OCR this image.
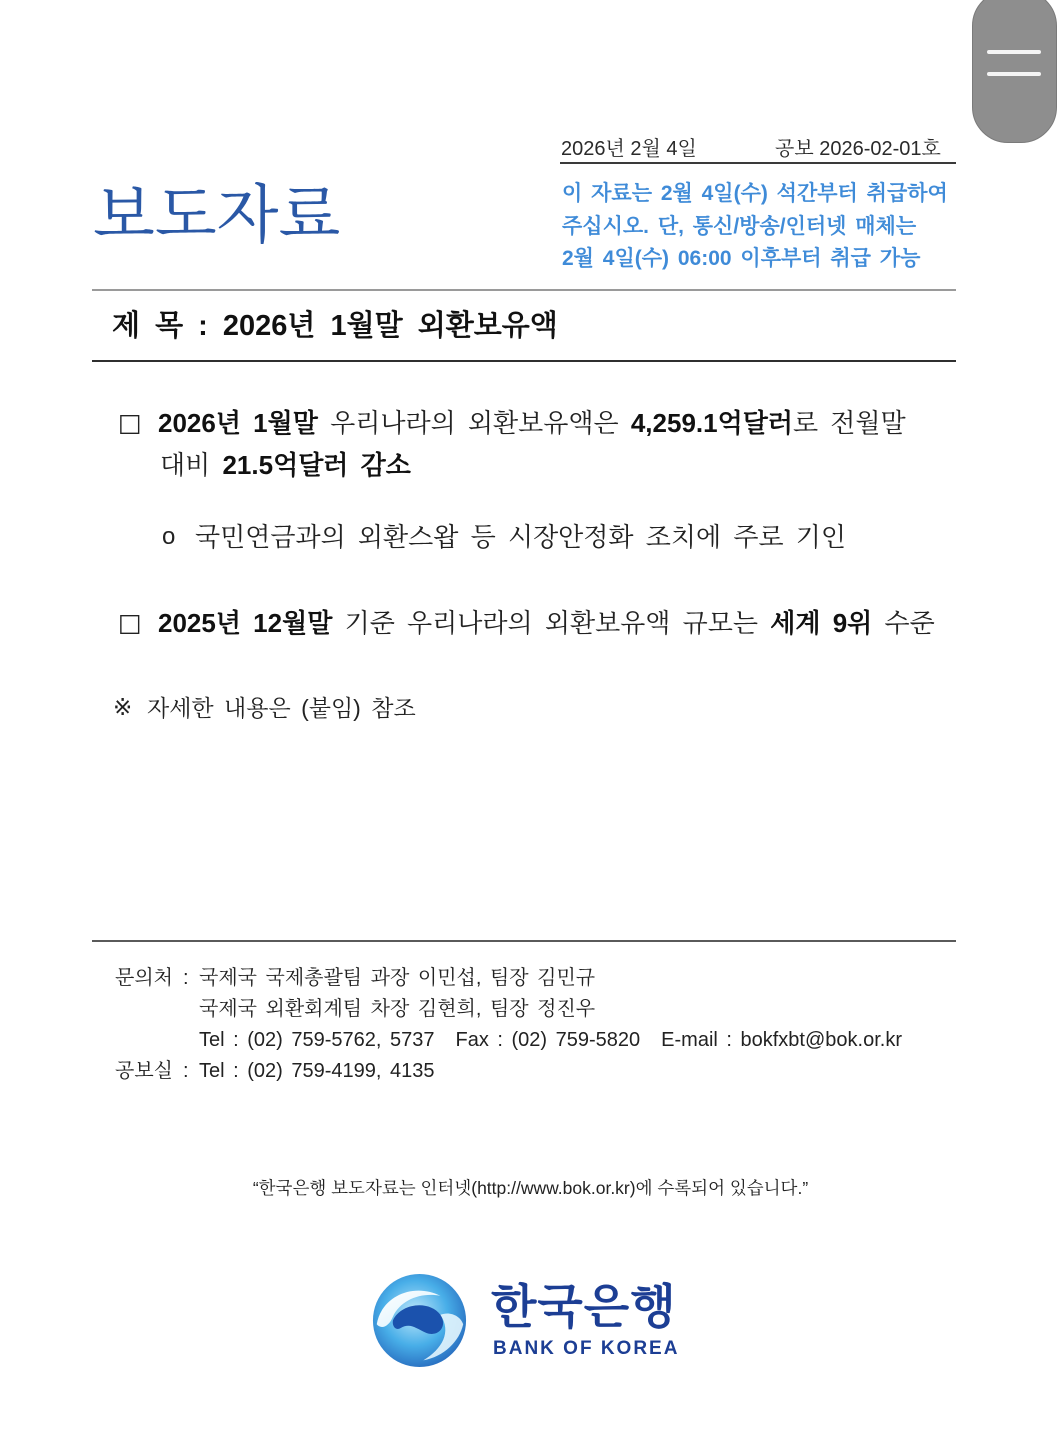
2026년 2월 4일	공보 2026-02-01호
이 자료는 2월 4일(수) 석간부터 취급하여
주십시오. 단, 통신/방송/인터넷 매체는
2월 4일(수) 06:00 이후부터 취급 가능
보도자료
제 목 : 2026년 1월말 외환보유액
□ 2026년 1월말 우리나라의 외환보유액은 4,259.1억달러로 전월말
대비 21.5억달러 감소
o 국민연금과의 외환스왑 등 시장안정화 조치에 주로 기인
□ 2025년 12월말 기준 우리나라의 외환보유액 규모는 세계 9위 수준
※ 자세한 내용은 (붙임) 참조
문의처 : 국제국 국제총괄팀 과장 이민섭, 팀장 김민규
국제국 외환회계팀 차장 김현희, 팀장 정진우
Tel : (02) 759-5762, 5737 Fax : (02) 759-5820 E-mail : bokfxbt@bok.or.kr
공보실 : Tel : (02) 759-4199, 4135
“한국은행 보도자료는 인터넷(http://www.bok.or.kr)에 수록되어 있습니다.”
한국은행
BANK OF KOREA
